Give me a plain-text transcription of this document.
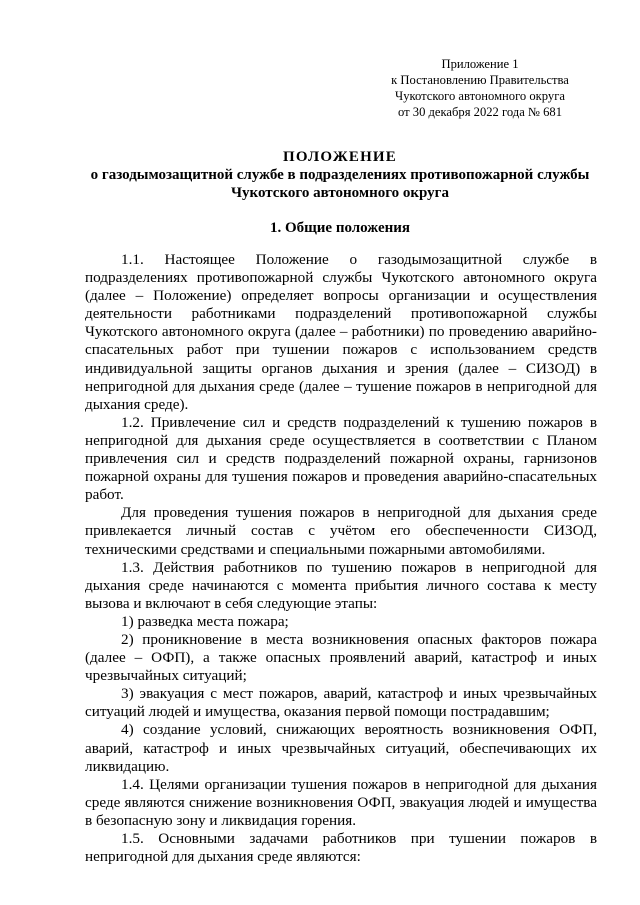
Приложение 1
к Постановлению Правительства
Чукотского автономного округа
от 30 декабря 2022 года № 681
ПОЛОЖЕНИЕ
о газодымозащитной службе в подразделениях противопожарной службы
Чукотского автономного округа
1. Общие положения

1.1. Настоящее Положение о газодымозащитной службе в подразделениях противопожарной службы Чукотского автономного округа (далее – Положение) определяет вопросы организации и осуществления деятельности работниками подразделений противопожарной службы Чукотского автономного округа (далее – работники) по проведению аварийно-спасательных работ при тушении пожаров с использованием средств индивидуальной защиты органов дыхания и зрения (далее – СИЗОД) в непригодной для дыхания среде (далее – тушение пожаров в непригодной для дыхания среде).

1.2. Привлечение сил и средств подразделений к тушению пожаров в непригодной для дыхания среде осуществляется в соответствии с Планом привлечения сил и средств подразделений пожарной охраны, гарнизонов пожарной охраны для тушения пожаров и проведения аварийно-спасательных работ.

Для проведения тушения пожаров в непригодной для дыхания среде привлекается личный состав с учётом его обеспеченности СИЗОД, техническими средствами и специальными пожарными автомобилями.

1.3. Действия работников по тушению пожаров в непригодной для дыхания среде начинаются с момента прибытия личного состава к месту вызова и включают в себя следующие этапы:

1) разведка места пожара;

2) проникновение в места возникновения опасных факторов пожара (далее – ОФП), а также опасных проявлений аварий, катастроф и иных чрезвычайных ситуаций;

3) эвакуация с мест пожаров, аварий, катастроф и иных чрезвычайных ситуаций людей и имущества, оказания первой помощи пострадавшим;

4) создание условий, снижающих вероятность возникновения ОФП, аварий, катастроф и иных чрезвычайных ситуаций, обеспечивающих их ликвидацию.

1.4. Целями организации тушения пожаров в непригодной для дыхания среде являются снижение возникновения ОФП, эвакуация людей и имущества в безопасную зону и ликвидация горения.

1.5. Основными задачами работников при тушении пожаров в непригодной для дыхания среде являются:
